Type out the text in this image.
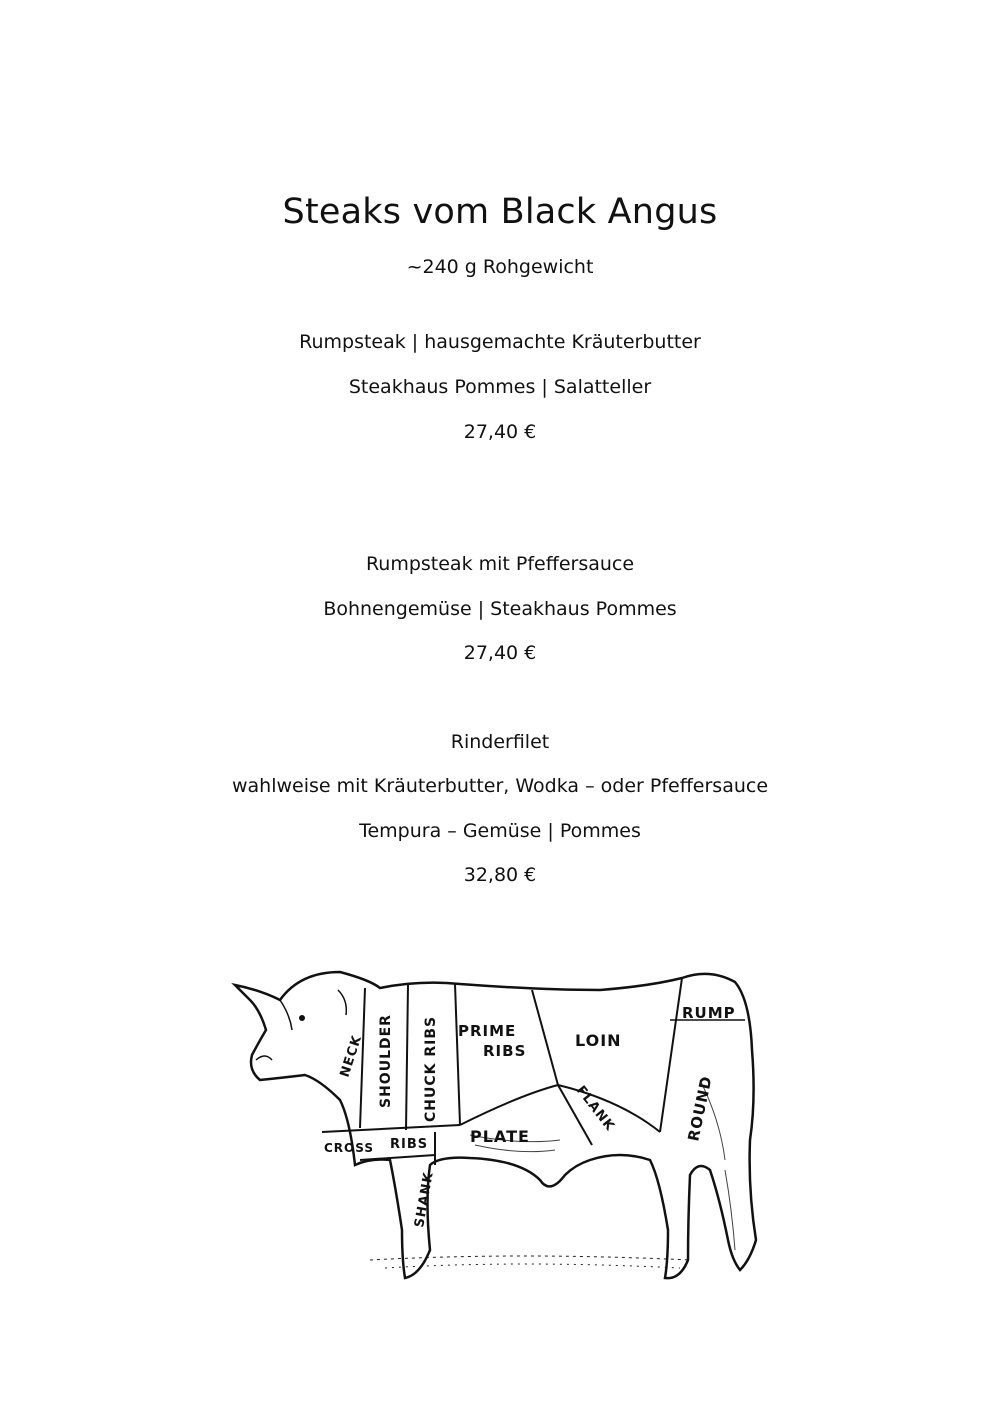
Steaks vom Black Angus
~240 g Rohgewicht
Rumpsteak | hausgemachte Kräuterbutter
Steakhaus Pommes | Salatteller
27,40 €
Rumpsteak mit Pfeffersauce
Bohnengemüse | Steakhaus Pommes
27,40 €
Rinderfilet
wahlweise mit Kräuterbutter, Wodka – oder Pfeffersauce
Tempura – Gemüse | Pommes
32,80 €
NECK SHOULDER CHUCK RIBS PRIME
RIBS
LOIN
RUMP
ROUND
FLANK
PLATE
CROSS RIBS
SHANK
